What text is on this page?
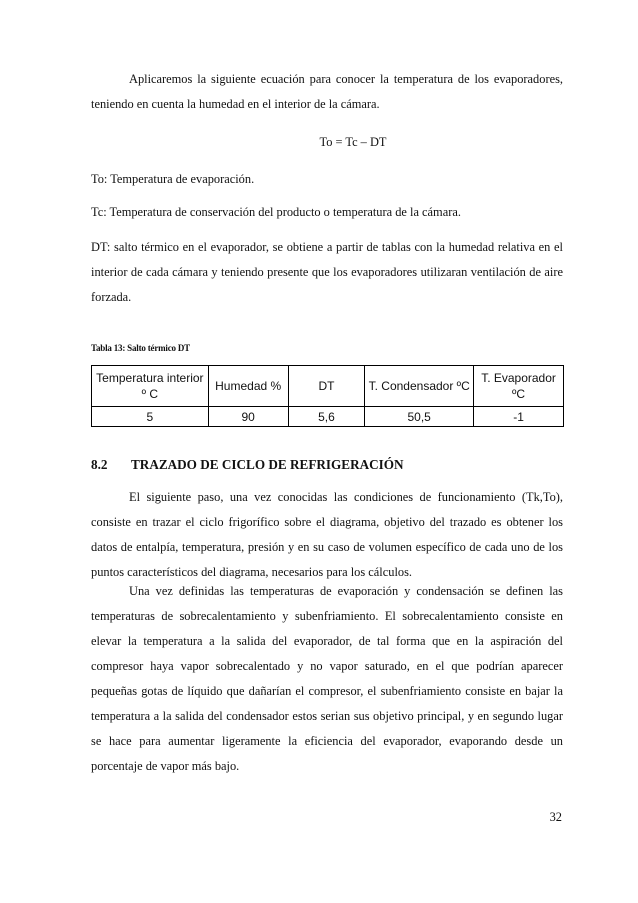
Aplicaremos la siguiente ecuación para conocer la temperatura de los evaporadores, teniendo en cuenta la humedad en el interior de la cámara.

To = Tc – DT

To: Temperatura de evaporación.

Tc: Temperatura de conservación del producto o temperatura de la cámara.

DT: salto térmico en el evaporador, se obtiene a partir de tablas con la humedad relativa en el interior de cada cámara y teniendo presente que los evaporadores utilizaran ventilación de aire forzada.

Tabla 13: Salto térmico DT
Temperatura interior º C	Humedad %	DT	T. Condensador ºC	T. Evaporador ºC
5	90	5,6	50,5	-1
8.2 TRAZADO DE CICLO DE REFRIGERACIÓN

El siguiente paso, una vez conocidas las condiciones de funcionamiento (Tk,To), consiste en trazar el ciclo frigorífico sobre el diagrama, objetivo del trazado es obtener los datos de entalpía, temperatura, presión y en su caso de volumen específico de cada uno de los puntos característicos del diagrama, necesarios para los cálculos.

Una vez definidas las temperaturas de evaporación y condensación se definen las temperaturas de sobrecalentamiento y subenfriamiento. El sobrecalentamiento consiste en elevar la temperatura a la salida del evaporador, de tal forma que en la aspiración del compresor haya vapor sobrecalentado y no vapor saturado, en el que podrían aparecer pequeñas gotas de líquido que dañarían el compresor, el subenfriamiento consiste en bajar la temperatura a la salida del condensador estos serian sus objetivo principal, y en segundo lugar se hace para aumentar ligeramente la eficiencia del evaporador, evaporando desde un porcentaje de vapor más bajo.

32
